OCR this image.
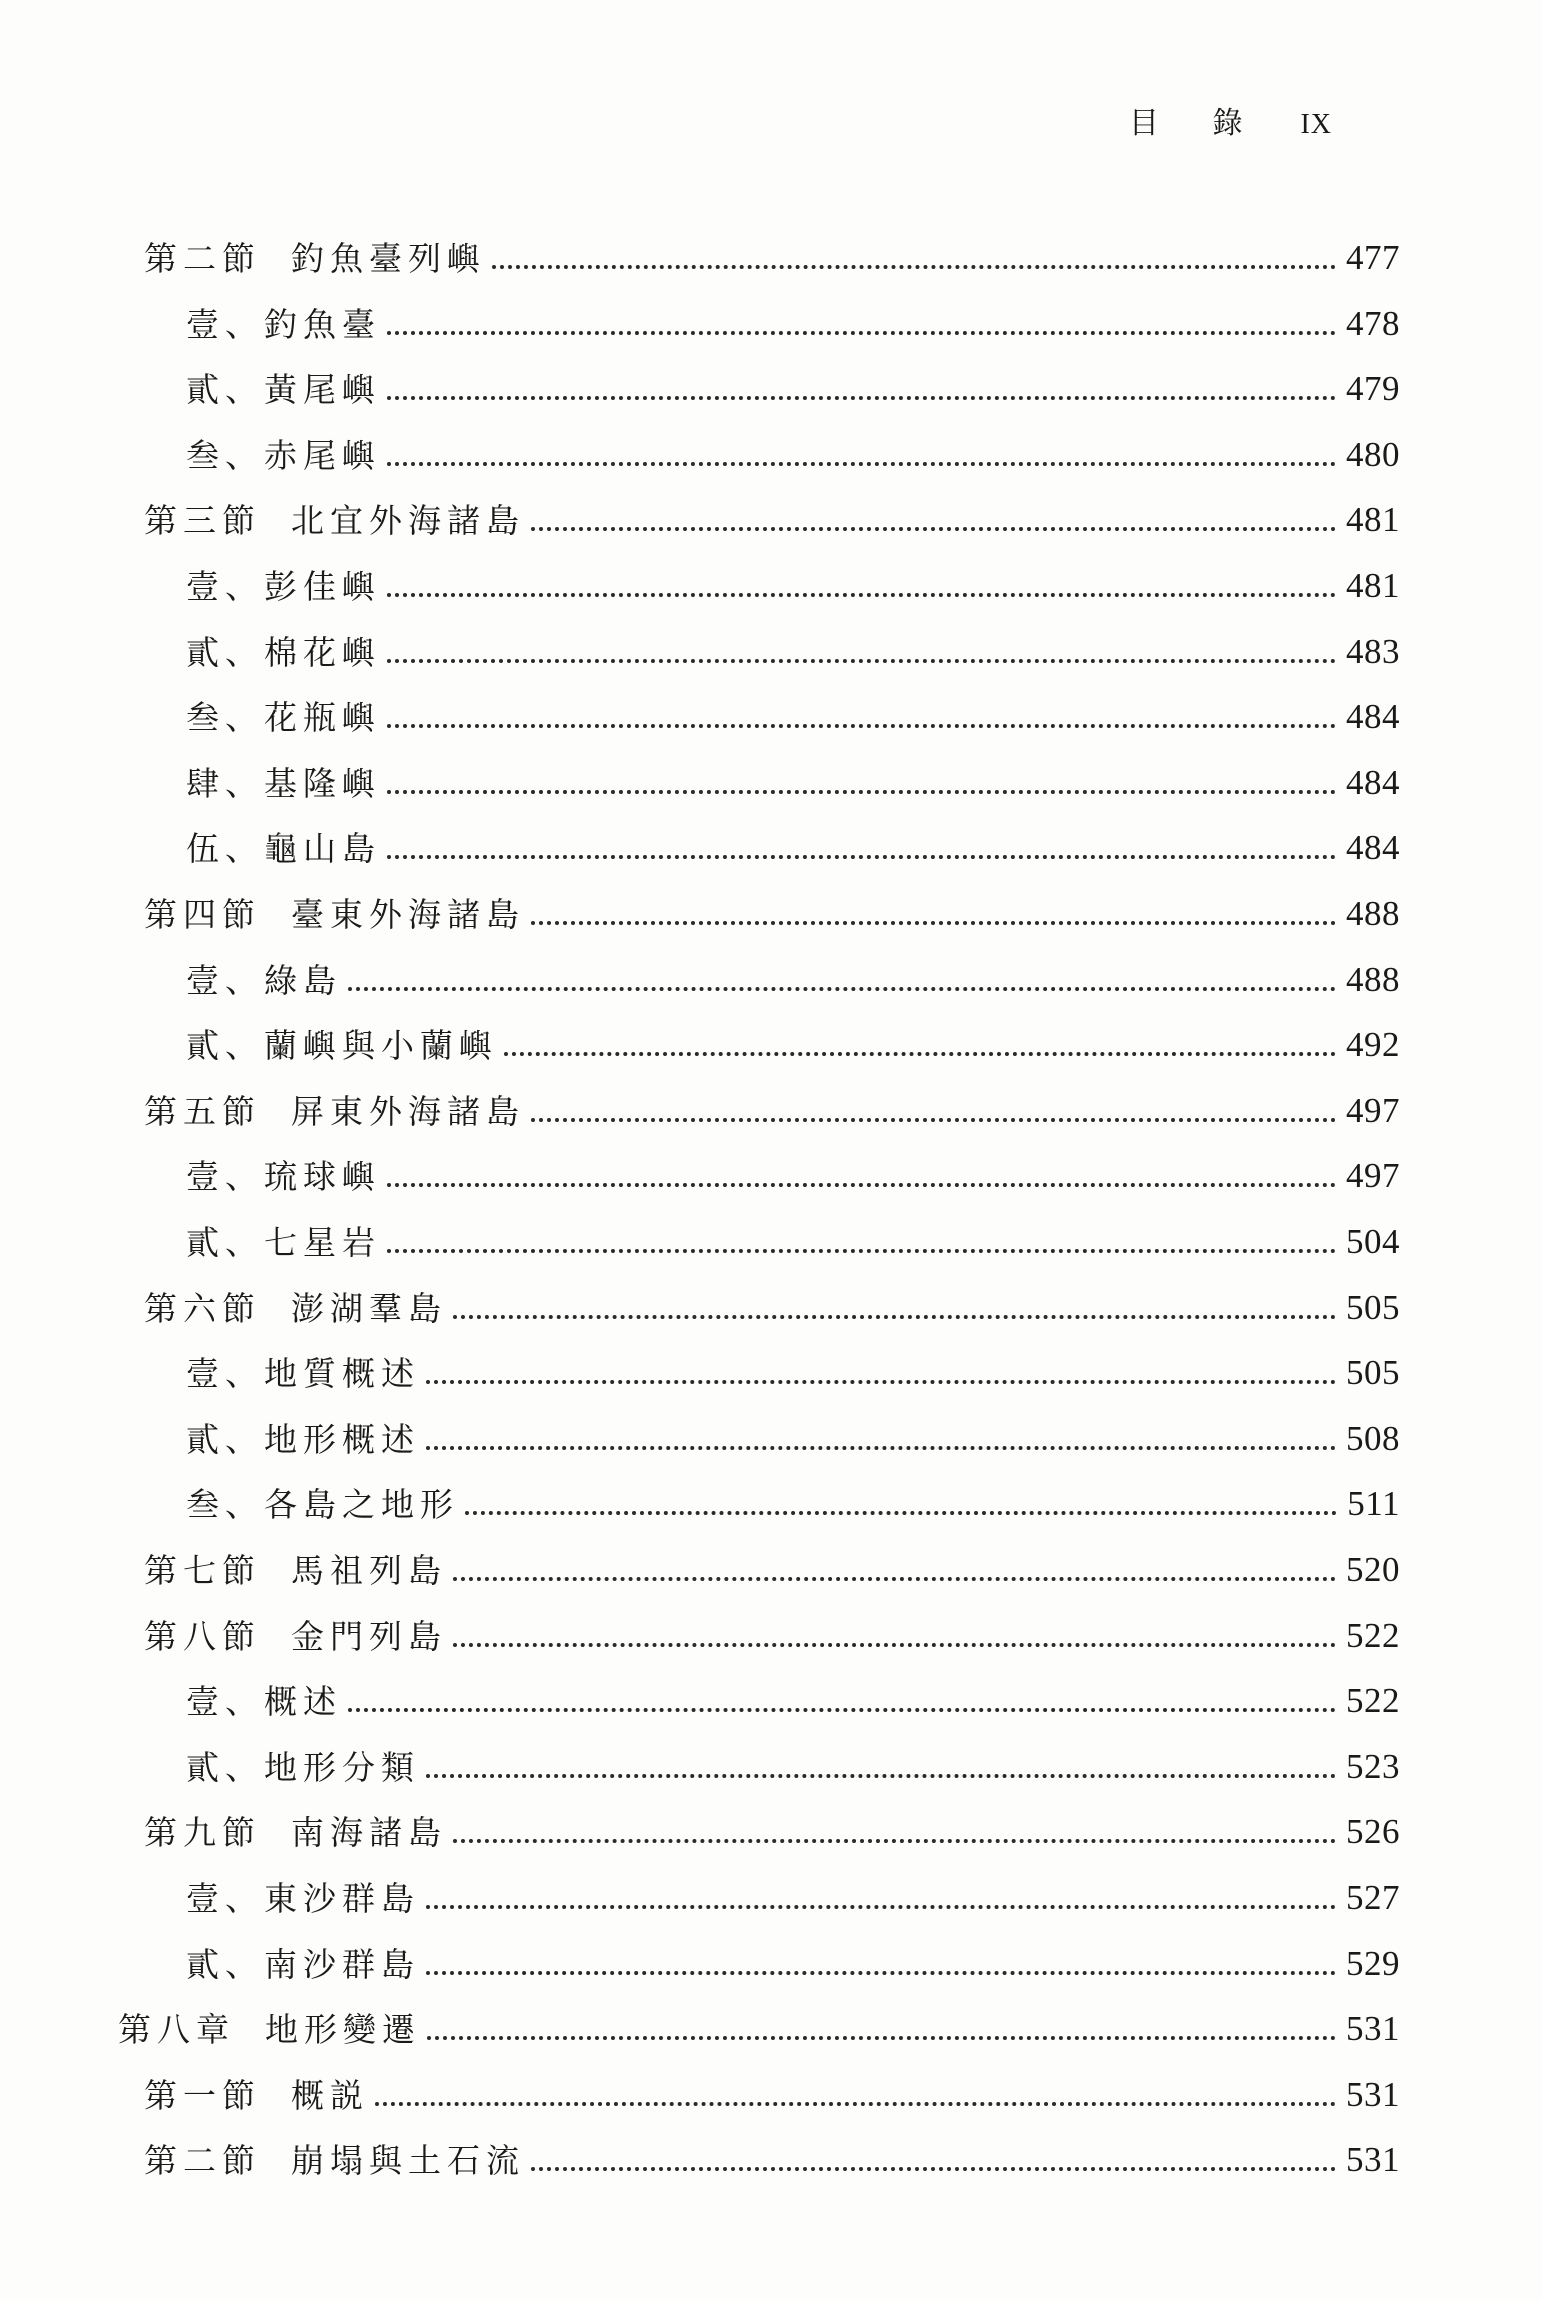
目 錄 IX
第二節 釣魚臺列嶼	477
壹、釣魚臺	478
貳、黃尾嶼	479
叁、赤尾嶼	480
第三節 北宜外海諸島	481
壹、彭佳嶼	481
貳、棉花嶼	483
叁、花瓶嶼	484
肆、基隆嶼	484
伍、龜山島	484
第四節 臺東外海諸島	488
壹、綠島	488
貳、蘭嶼與小蘭嶼	492
第五節 屏東外海諸島	497
壹、琉球嶼	497
貳、七星岩	504
第六節 澎湖羣島	505
壹、地質概述	505
貳、地形概述	508
叁、各島之地形	511
第七節 馬祖列島	520
第八節 金門列島	522
壹、概述	522
貳、地形分類	523
第九節 南海諸島	526
壹、東沙群島	527
貳、南沙群島	529
第八章 地形變遷	531
第一節 概説	531
第二節 崩塌與土石流	531
